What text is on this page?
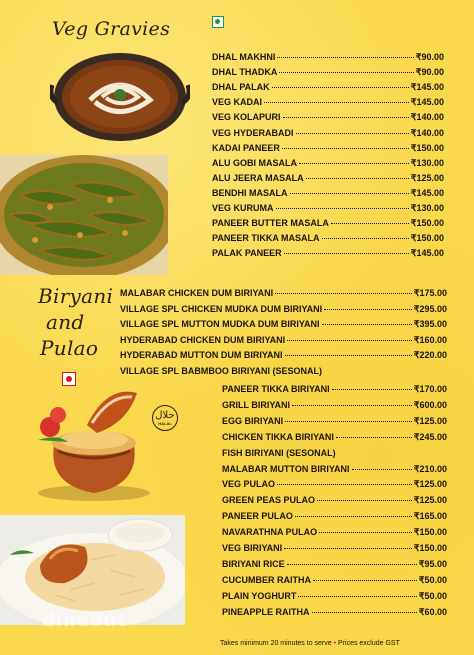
Veg Gravies
DHAL MAKHNI	₹90.00
DHAL THADKA	₹90.00
DHAL PALAK	₹145.00
VEG KADAI	₹145.00
VEG KOLAPURI	₹140.00
VEG HYDERABADI	₹140.00
KADAI PANEER	₹150.00
ALU GOBI MASALA	₹130.00
ALU JEERA MASALA	₹125.00
BENDHI MASALA	₹145.00
VEG KURUMA	₹130.00
PANEER BUTTER MASALA	₹150.00
PANEER TIKKA MASALA	₹150.00
PALAK PANEER	₹145.00
Biryani
and
Pulao
حلال
HALAL
MALABAR CHICKEN DUM BIRIYANI	₹175.00
VILLAGE SPL CHICKEN MUDKA DUM BIRIYANI	₹295.00
VILLAGE SPL MUTTON MUDKA DUM BIRIYANI	₹395.00
HYDERABAD CHICKEN DUM BIRIYANI	₹160.00
HYDERABAD MUTTON DUM BIRIYANI	₹220.00
VILLAGE SPL BABMBOO BIRIYANI (SESONAL)
PANEER TIKKA BIRIYANI	₹170.00
GRILL BIRIYANI	₹600.00
EGG BIRIYANI	₹125.00
CHICKEN TIKKA BIRIYANI	₹245.00
FISH BIRIYANI (SESONAL)
MALABAR MUTTON BIRIYANI	₹210.00
VEG PULAO	₹125.00
GREEN PEAS PULAO	₹125.00
PANEER PULAO	₹165.00
NAVARATHNA PULAO	₹150.00
VEG BIRIYANI	₹150.00
BIRIYANI RICE	₹95.00
CUCUMBER RAITHA	₹50.00
PLAIN YOGHURT	₹50.00
PINEAPPLE RAITHA	₹60.00
dineout
Takes minimum 20 minutes to serve • Prices exclude GST
